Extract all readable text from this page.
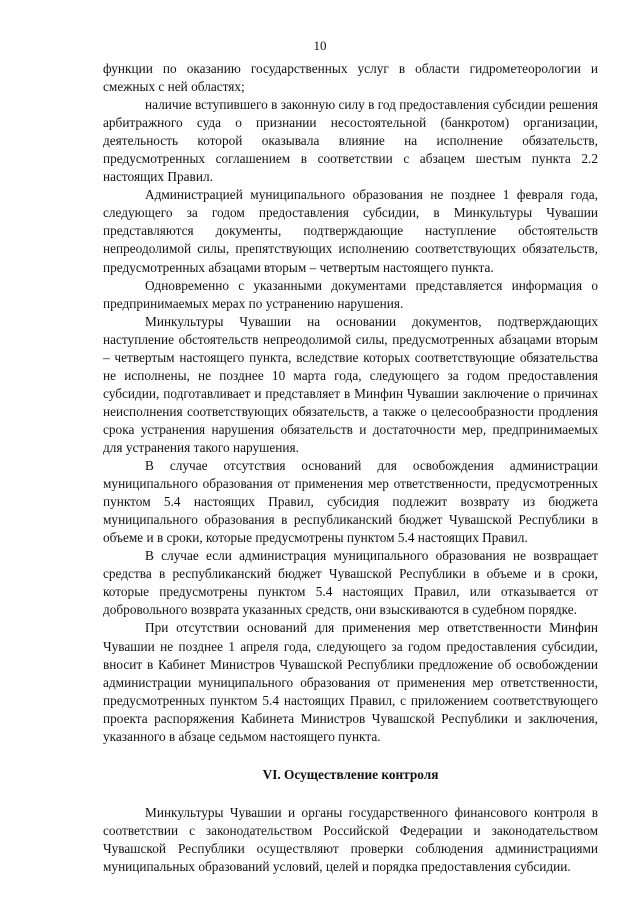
10

функции по оказанию государственных услуг в области гидрометеорологии и смежных с ней областях;

наличие вступившего в законную силу в год предоставления субсидии решения арбитражного суда о признании несостоятельной (банкротом) организации, деятельность которой оказывала влияние на исполнение обязательств, предусмотренных соглашением в соответствии с абзацем шестым пункта 2.2 настоящих Правил.

Администрацией муниципального образования не позднее 1 февраля года, следующего за годом предоставления субсидии, в Минкультуры Чувашии представляются документы, подтверждающие наступление обстоятельств непреодолимой силы, препятствующих исполнению соответствующих обязательств, предусмотренных абзацами вторым – четвертым настоящего пункта.

Одновременно с указанными документами представляется информация о предпринимаемых мерах по устранению нарушения.

Минкультуры Чувашии на основании документов, подтверждающих наступление обстоятельств непреодолимой силы, предусмотренных абзацами вторым – четвертым настоящего пункта, вследствие которых соответствующие обязательства не исполнены, не позднее 10 марта года, следующего за годом предоставления субсидии, подготавливает и представляет в Минфин Чувашии заключение о причинах неисполнения соответствующих обязательств, а также о целесообразности продления срока устранения нарушения обязательств и достаточности мер, предпринимаемых для устранения такого нарушения.

В случае отсутствия оснований для освобождения администрации муниципального образования от применения мер ответственности, предусмотренных пунктом 5.4 настоящих Правил, субсидия подлежит возврату из бюджета муниципального образования в республиканский бюджет Чувашской Республики в объеме и в сроки, которые предусмотрены пунктом 5.4 настоящих Правил.

В случае если администрация муниципального образования не возвращает средства в республиканский бюджет Чувашской Республики в объеме и в сроки, которые предусмотрены пунктом 5.4 настоящих Правил, или отказывается от добровольного возврата указанных средств, они взыскиваются в судебном порядке.

При отсутствии оснований для применения мер ответственности Минфин Чувашии не позднее 1 апреля года, следующего за годом предоставления субсидии, вносит в Кабинет Министров Чувашской Республики предложение об освобождении администрации муниципального образования от применения мер ответственности, предусмотренных пунктом 5.4 настоящих Правил, с приложением соответствующего проекта распоряжения Кабинета Министров Чувашской Республики и заключения, указанного в абзаце седьмом настоящего пункта.

VI. Осуществление контроля

Минкультуры Чувашии и органы государственного финансового контроля в соответствии с законодательством Российской Федерации и законодательством Чувашской Республики осуществляют проверки соблюдения администрациями муниципальных образований условий, целей и порядка предоставления субсидии.
